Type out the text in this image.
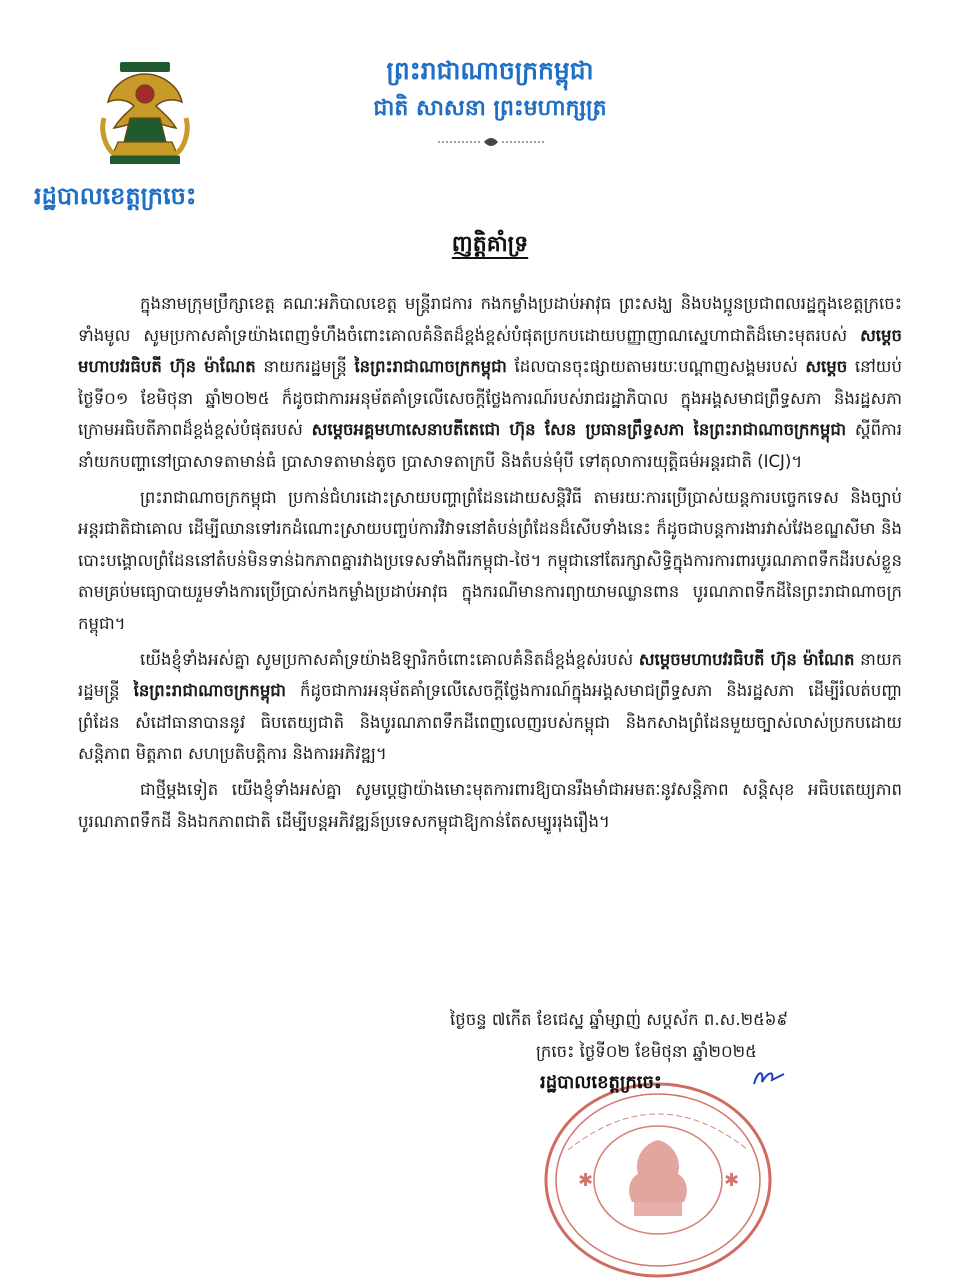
ព្រះរាជាណាចក្រកម្ពុជា
ជាតិ សាសនា ព្រះមហាក្សត្រ
រដ្ឋបាលខេត្តក្រចេះ
ញត្តិគាំទ្រ

ក្នុងនាមក្រុមប្រឹក្សាខេត្ត គណៈអភិបាលខេត្ត មន្ត្រីរាជការ កងកម្លាំងប្រដាប់អាវុធ ព្រះសង្ឃ និងបងប្អូនប្រជាពលរដ្ឋក្នុងខេត្តក្រចេះទាំងមូល សូមប្រកាសគាំទ្រយ៉ាងពេញទំហឹងចំពោះគោលគំនិតដ៏ខ្ពង់ខ្ពស់បំផុតប្រកបដោយបញ្ញាញាណស្នេហាជាតិដ៏មោះមុតរបស់ សម្តេចមហាបវរធិបតី ហ៊ុន ម៉ាណែត នាយករដ្ឋមន្ត្រី នៃព្រះរាជាណាចក្រកម្ពុជា ដែលបានចុះផ្សាយតាមរយៈបណ្តាញសង្គមរបស់ សម្តេច នៅយប់ថ្ងៃទី០១ ខែមិថុនា ឆ្នាំ២០២៥ ក៏ដូចជាការអនុម័តគាំទ្រលើសេចក្តីថ្លែងការណ៍របស់រាជរដ្ឋាភិបាល ក្នុងអង្គសមាជព្រឹទ្ធសភា និងរដ្ឋសភា ក្រោមអធិបតីភាពដ៏ខ្ពង់ខ្ពស់បំផុតរបស់ សម្តេចអគ្គមហាសេនាបតីតេជោ ហ៊ុន សែន ប្រធានព្រឹទ្ធសភា នៃព្រះរាជាណាចក្រកម្ពុជា ស្តីពីការនាំយកបញ្ហានៅប្រាសាទតាមាន់ធំ ប្រាសាទតាមាន់តូច ប្រាសាទតាក្របី និងតំបន់មុំបី ទៅតុលាការយុត្តិធម៌អន្តរជាតិ (ICJ)។

ព្រះរាជាណាចក្រកម្ពុជា ប្រកាន់ជំហរដោះស្រាយបញ្ហាព្រំដែនដោយសន្តិវិធី តាមរយៈការប្រើប្រាស់យន្តការបច្ចេកទេស និងច្បាប់អន្តរជាតិជាគោល ដើម្បីឈានទៅរកដំណោះស្រាយបញ្ចប់ការវិវាទនៅតំបន់ព្រំដែនដ៏សើបទាំងនេះ ក៏ដូចជាបន្តការងារវាស់វែងខណ្ឌសីមា និងបោះបង្គោលព្រំដែននៅតំបន់មិនទាន់ឯកភាពគ្នារវាងប្រទេសទាំងពីរកម្ពុជា-ថៃ។ កម្ពុជានៅតែរក្សាសិទ្ធិក្នុងការការពារបូរណភាពទឹកដីរបស់ខ្លួនតាមគ្រប់មធ្យោបាយរួមទាំងការប្រើប្រាស់កងកម្លាំងប្រដាប់អាវុធ ក្នុងករណីមានការព្យាយាមឈ្លានពាន បូរណភាពទឹកដីនៃព្រះរាជាណាចក្រកម្ពុជា។

យើងខ្ញុំទាំងអស់គ្នា សូមប្រកាសគាំទ្រយ៉ាងឱឡារិកចំពោះគោលគំនិតដ៏ខ្ពង់ខ្ពស់របស់ សម្តេចមហាបវរធិបតី ហ៊ុន ម៉ាណែត នាយករដ្ឋមន្ត្រី នៃព្រះរាជាណាចក្រកម្ពុជា ក៏ដូចជាការអនុម័តគាំទ្រលើសេចក្តីថ្លែងការណ៍ក្នុងអង្គសមាជព្រឹទ្ធសភា និងរដ្ឋសភា ដើម្បីរំលត់បញ្ហាព្រំដែន សំដៅធានាបាននូវ ធិបតេយ្យជាតិ និងបូរណភាពទឹកដីពេញលេញរបស់កម្ពុជា និងកសាងព្រំដែនមួយច្បាស់លាស់ប្រកបដោយសន្តិភាព មិត្តភាព សហប្រតិបត្តិការ និងការអភិវឌ្ឍ។

ជាថ្មីម្តងទៀត យើងខ្ញុំទាំងអស់គ្នា សូមប្តេជ្ញាយ៉ាងមោះមុតការពារឱ្យបានរឹងមាំជាអមតៈនូវសន្តិភាព សន្តិសុខ អធិបតេយ្យភាព បូរណភាពទឹកដី និងឯកភាពជាតិ ដើម្បីបន្តអភិវឌ្ឍន៍ប្រទេសកម្ពុជាឱ្យកាន់តែសម្បូររុងរឿង។

ថ្ងៃចន្ទ ៧កើត ខែជេស្ឋ ឆ្នាំម្សាញ់ សប្តស័ក ព.ស.២៥៦៩
ក្រចេះ ថ្ងៃទី០២ ខែមិថុនា ឆ្នាំ២០២៥
✱	✱
រដ្ឋបាលខេត្តក្រចេះ
